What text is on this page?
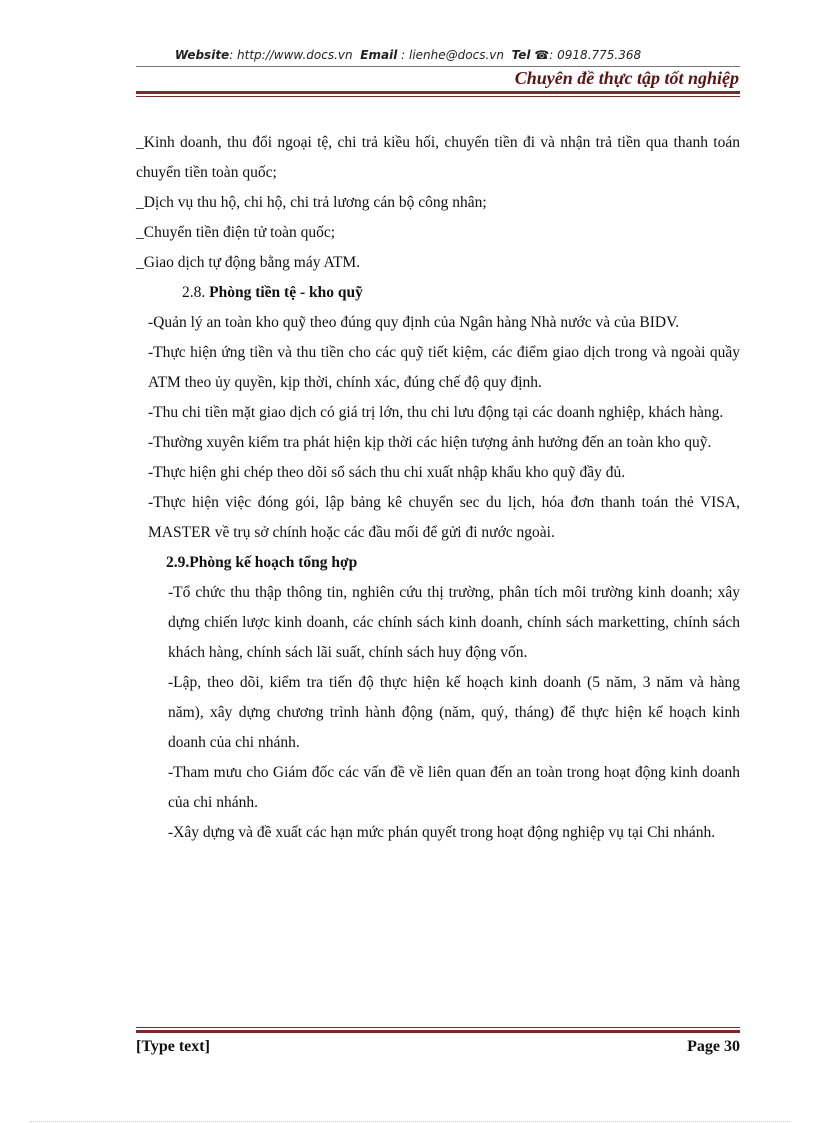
Website: http://www.docs.vn Email : lienhe@docs.vn Tel ☎: 0918.775.368
Chuyên đề thực tập tốt nghiệp

_Kinh doanh, thu đổi ngoại tệ, chi trả kiều hối, chuyển tiền đi và nhận trả tiền qua thanh toán chuyển tiền toàn quốc;

_Dịch vụ thu hộ, chi hộ, chi trả lương cán bộ công nhân;

_Chuyển tiền điện tử toàn quốc;

_Giao dịch tự động bằng máy ATM.

2.8. Phòng tiền tệ - kho quỹ

-Quản lý an toàn kho quỹ theo đúng quy định của Ngân hàng Nhà nước và của BIDV.

-Thực hiện ứng tiền và thu tiền cho các quỹ tiết kiệm, các điểm giao dịch trong và ngoài quầy ATM theo ủy quyền, kịp thời, chính xác, đúng chế độ quy định.

-Thu chi tiền mặt giao dịch có giá trị lớn, thu chi lưu động tại các doanh nghiệp, khách hàng.

-Thường xuyên kiểm tra phát hiện kịp thời các hiện tượng ảnh hưởng đến an toàn kho quỹ.

-Thực hiện ghi chép theo dõi sổ sách thu chi xuất nhập khẩu kho quỹ đầy đủ.

-Thực hiện việc đóng gói, lập bảng kê chuyển sec du lịch, hóa đơn thanh toán thẻ VISA, MASTER về trụ sở chính hoặc các đầu mối để gửi đi nước ngoài.

2.9.Phòng kế hoạch tổng hợp

-Tổ chức thu thập thông tin, nghiên cứu thị trường, phân tích môi trường kinh doanh; xây dựng chiến lược kinh doanh, các chính sách kinh doanh, chính sách marketting, chính sách khách hàng, chính sách lãi suất, chính sách huy động vốn.

-Lập, theo dõi, kiểm tra tiến độ thực hiện kế hoạch kinh doanh (5 năm, 3 năm và hàng năm), xây dựng chương trình hành động (năm, quý, tháng) để thực hiện kế hoạch kinh doanh của chi nhánh.

-Tham mưu cho Giám đốc các vấn đề về liên quan đến an toàn trong hoạt động kinh doanh của chi nhánh.

-Xây dựng và đề xuất các hạn mức phán quyết trong hoạt động nghiệp vụ tại Chi nhánh.

[Type text]	Page 30
